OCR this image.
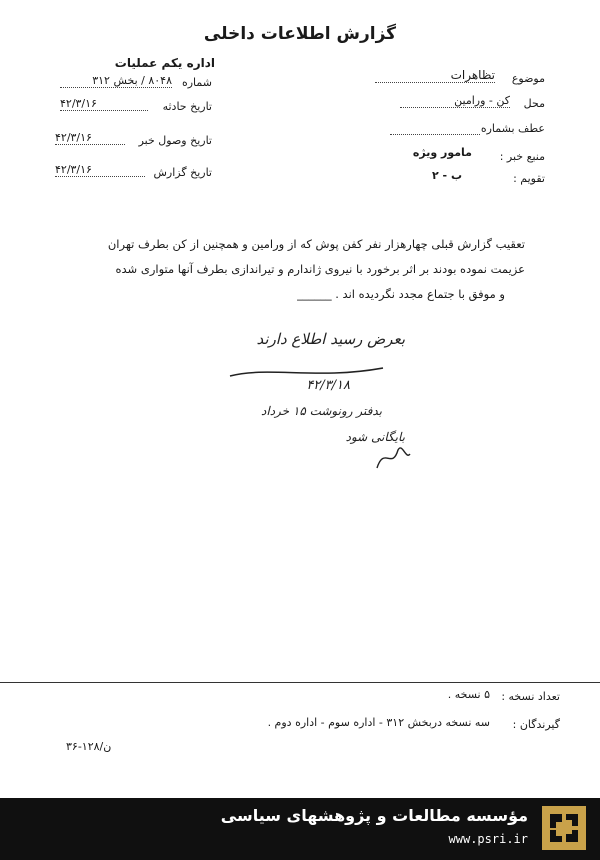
گزارش اطلاعات داخلی
اداره یکم عملیات
شماره
۸۰۴۸ / بخش ۳۱۲
تاریخ حادثه
۴۲/۳/۱۶
تاریخ وصول خبر
۴۲/۳/۱۶
تاریخ گزارش
۴۲/۳/۱۶
موضوع
تظاهرات
محل
کن - ورامین
عطف بشماره
منبع خبر :
مامور ویژه
تقویم :
ب - ۲
تعقیب گزارش قبلی چهارهزار نفر کفن پوش که از ورامین و همچنین از کن بطرف تهران
عزیمت نموده بودند بر اثر برخورد با نیروی ژاندارم و تیراندازی بطرف آنها متواری شده
و موفق با جتماع مجدد نگردیده اند . ______
بعرض رسید اطلاع دارند
۴۲/۳/۱۸
بدفتر رونوشت ۱۵ خرداد
بایگانی شود
تعداد نسخه :
۵ نسخه .
گیرندگان :
سه نسخه دربخش ۳۱۲ - اداره سوم - اداره دوم .
۳۶-۱۲۸/ن
مؤسسه مطالعات و پژوهشهای سیاسی
www.psri.ir
